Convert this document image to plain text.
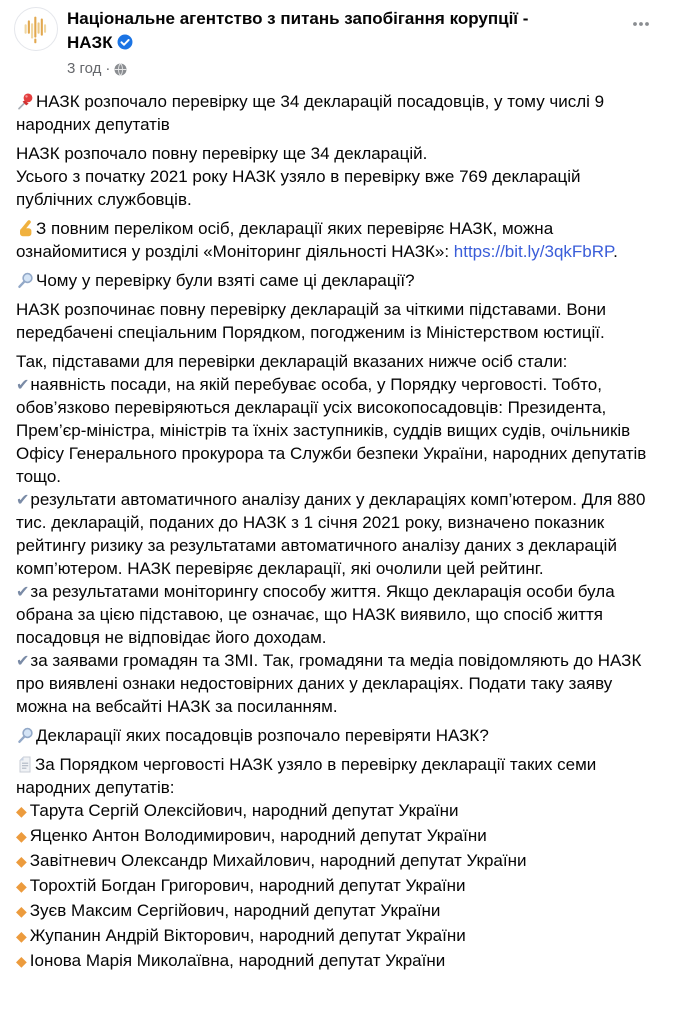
Національне агентство з питань запобігання корупції -
НАЗК
3 год ·
НАЗК розпочало перевірку ще 34 декларацій посадовців, у тому числі 9 народних депутатів
НАЗК розпочало повну перевірку ще 34 декларацій.
Усього з початку 2021 року НАЗК узяло в перевірку вже 769 декларацій публічних службовців.
З повним переліком осіб, декларації яких перевіряє НАЗК, можна ознайомитися у розділі «Моніторинг діяльності НАЗК»: https://bit.ly/3qkFbRP.
Чому у перевірку були взяті саме ці декларації?
НАЗК розпочинає повну перевірку декларацій за чіткими підставами. Вони передбачені спеціальним Порядком, погодженим із Міністерством юстиції.
Так, підставами для перевірки декларацій вказаних нижче осіб стали:
✔наявність посади, на якій перебуває особа, у Порядку черговості. Тобто, обов’язково перевіряються декларації усіх високопосадовців: Президента, Прем’єр-міністра, міністрів та їхніх заступників, суддів вищих судів, очільників Офісу Генерального прокурора та Служби безпеки України, народних депутатів тощо.
✔результати автоматичного аналізу даних у деклараціях комп’ютером. Для 880 тис. декларацій, поданих до НАЗК з 1 січня 2021 року, визначено показник рейтингу ризику за результатами автоматичного аналізу даних з декларацій комп’ютером. НАЗК перевіряє декларації, які очолили цей рейтинг.
✔за результатами моніторингу способу життя. Якщо декларація особи була обрана за цією підставою, це означає, що НАЗК виявило, що спосіб життя посадовця не відповідає його доходам.
✔за заявами громадян та ЗМІ. Так, громадяни та медіа повідомляють до НАЗК про виявлені ознаки недостовірних даних у деклараціях. Подати таку заяву можна на вебсайті НАЗК за посиланням.
Декларації яких посадовців розпочало перевіряти НАЗК?
За Порядком черговості НАЗК узяло в перевірку декларації таких семи народних депутатів:
◆ Тарута Сергій Олексійович, народний депутат України
◆ Яценко Антон Володимирович, народний депутат України
◆ Завітневич Олександр Михайлович, народний депутат України
◆ Торохтій Богдан Григорович, народний депутат України
◆ Зуєв Максим Сергійович, народний депутат України
◆ Жупанин Андрій Вікторович, народний депутат України
◆ Іонова Марія Миколаївна, народний депутат України
